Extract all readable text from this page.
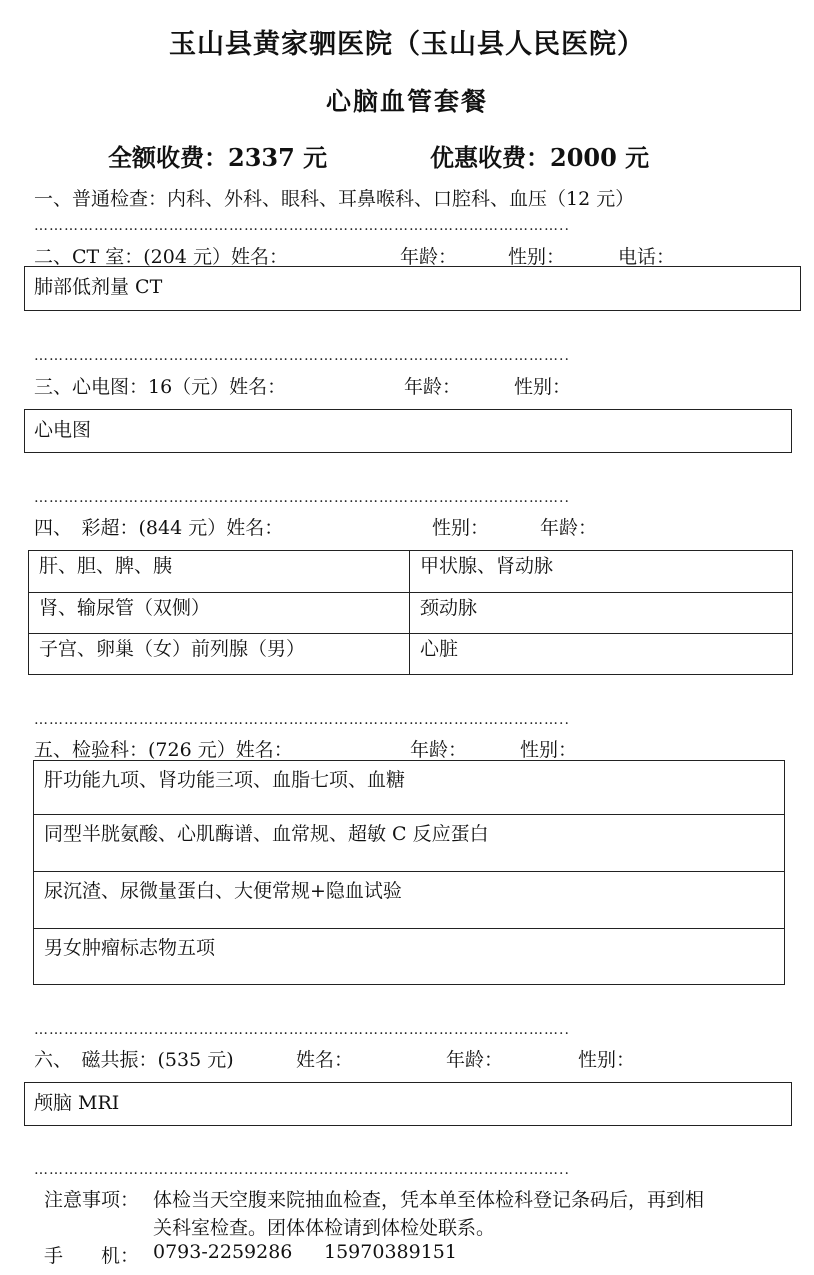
玉山县黄家驷医院（玉山县人民医院）
心脑血管套餐
全额收费：2337 元	优惠收费：2000 元
一、普通检查：内科、外科、眼科、耳鼻喉科、口腔科、血压（12 元）
……………………………………………………………………………………………..
二、CT 室：(204 元）姓名：	年龄：	性别：	电话：
肺部低剂量 CT
……………………………………………………………………………………………..
三、心电图：16（元）姓名：	年龄：	性别：
心电图
……………………………………………………………………………………………..
四、　彩超：(844 元）姓名：	性别：	年龄：
肝、胆、脾、胰	甲状腺、肾动脉
肾、输尿管（双侧）	颈动脉
子宫、卵巢（女）前列腺（男）	心脏
……………………………………………………………………………………………..
五、检验科：(726 元）姓名：	年龄：	性别：
肝功能九项、肾功能三项、血脂七项、血糖
同型半胱氨酸、心肌酶谱、血常规、超敏 C 反应蛋白
尿沉渣、尿微量蛋白、大便常规+隐血试验
男女肿瘤标志物五项
……………………………………………………………………………………………..
六、　磁共振：(535 元)	姓名：	年龄：	性别：
颅脑 MRI
……………………………………………………………………………………………..
注意事项： 体检当天空腹来院抽血检查，凭本单至体检科登记条码后，再到相
关科室检查。团体体检请到体检处联系。
手　　机： 0793-2259286 15970389151
